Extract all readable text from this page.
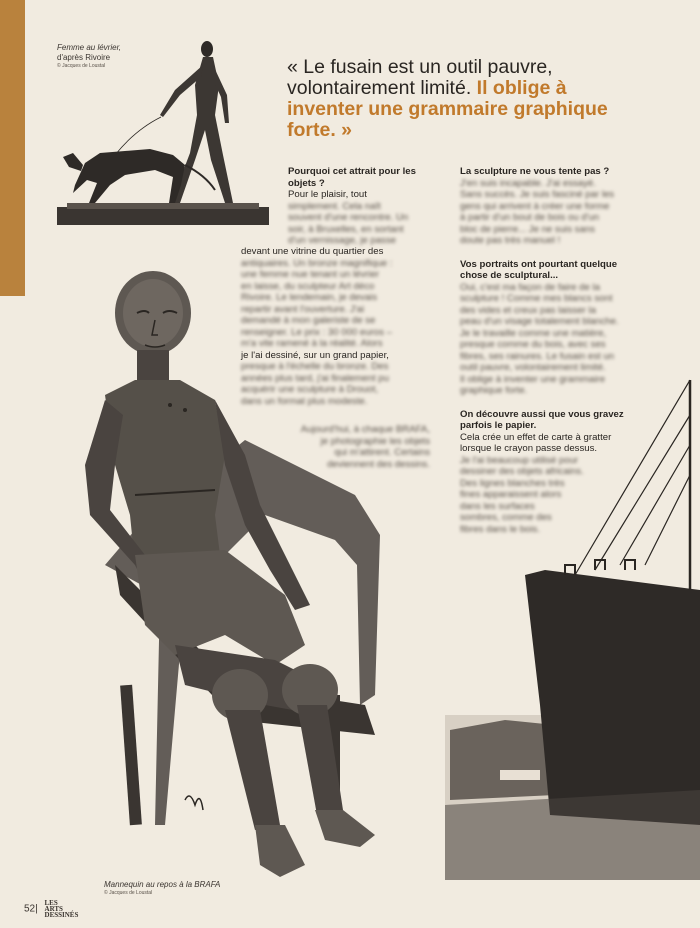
Femme au lévrier,
d'après Rivoire
© Jacques de Loustal	« Le fusain est un outil pauvre, volontairement limité. Il oblige à inventer une grammaire graphique forte. »
Pourquoi cet attrait pour les objets ?

Pour le plaisir, tout

simplement. Cela naît

souvent d'une rencontre. Un

soir, à Bruxelles, en sortant

d'un vernissage, je passe

devant une vitrine du quartier des

antiquaires. Un bronze magnifique :

une femme nue tenant un lévrier

en laisse, du sculpteur Art déco

Rivoire. Le lendemain, je devais

repartir avant l'ouverture. J'ai

demandé à mon galeriste de se

renseigner. Le prix : 30 000 euros –

m'a vite ramené à la réalité. Alors

je l'ai dessiné, sur un grand papier,

presque à l'échelle du bronze. Des

années plus tard, j'ai finalement pu

acquérir une sculpture à Drouot,

dans un format plus modeste.

Aujourd'hui, à chaque BRAFA,

je photographie les objets

qui m'attirent. Certains

deviennent des dessins.

La sculpture ne vous tente pas ?

J'en suis incapable. J'ai essayé.

Sans succès. Je suis fasciné par les

gens qui arrivent à créer une forme

à partir d'un bout de bois ou d'un

bloc de pierre... Je ne suis sans

doute pas très manuel !

Vos portraits ont pourtant quelque chose de sculptural...

Oui, c'est ma façon de faire de la

sculpture ! Comme mes blancs sont

des vides et creux pas laisser la

peau d'un visage totalement blanche.

Je le travaille comme une matière,

presque comme du bois, avec ses

fibres, ses rainures. Le fusain est un

outil pauvre, volontairement limité.

Il oblige à inventer une grammaire

graphique forte.

On découvre aussi que vous gravez parfois le papier.

Cela crée un effet de carte à gratter

lorsque le crayon passe dessus.

Je l'ai beaucoup utilisé pour

dessiner des objets africains.

Des lignes blanches très

fines apparaissent alors

dans les surfaces

sombres, comme des

fibres dans le bois.

Mannequin au repos à la BRAFA
© Jacques de Loustal
52| LES
ARTS
DESSINÉS
